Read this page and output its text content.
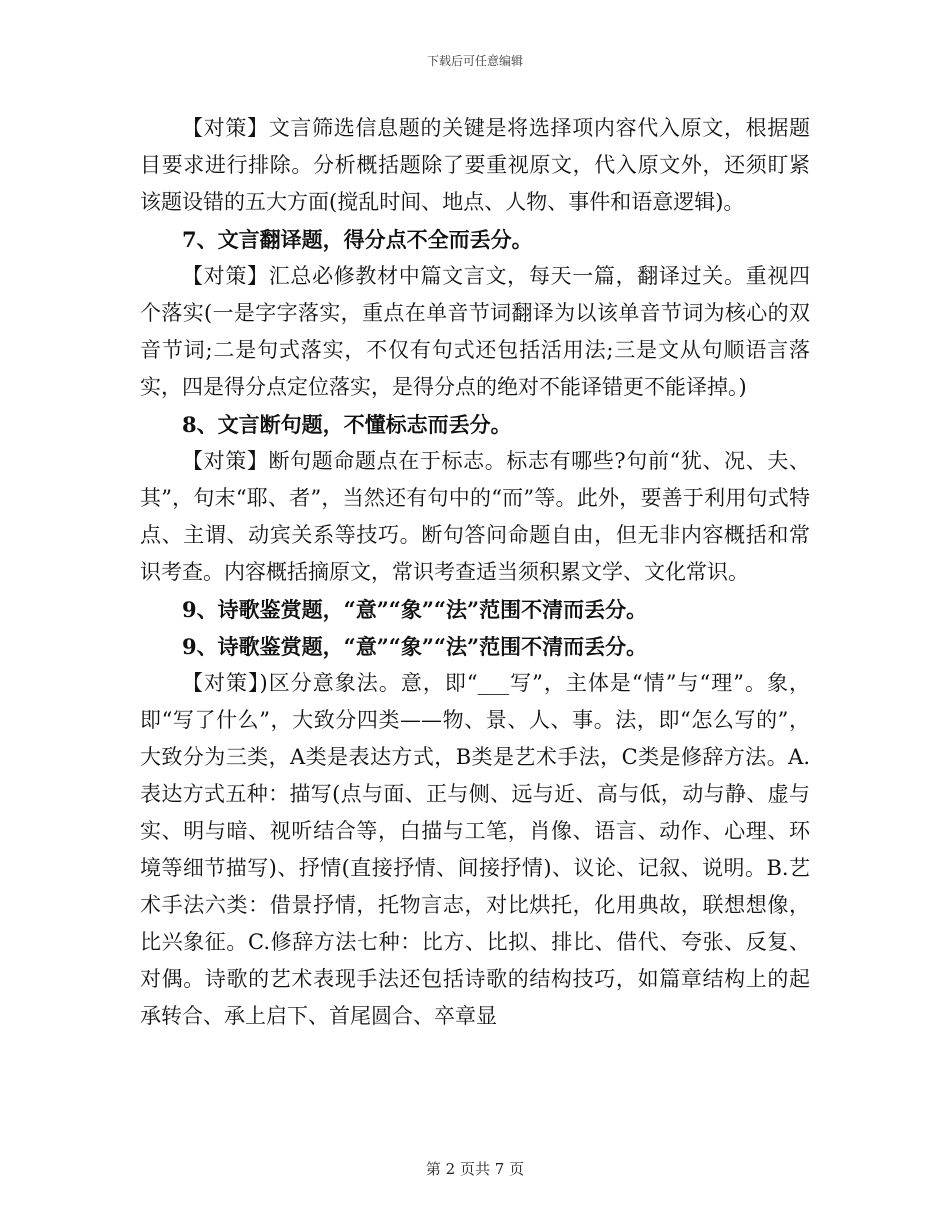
下载后可任意编辑

【对策】文言筛选信息题的关键是将选择项内容代入原文，根据题目要求进行排除。分析概括题除了要重视原文，代入原文外，还须盯紧该题设错的五大方面(搅乱时间、地点、人物、事件和语意逻辑)。

7、文言翻译题，得分点不全而丢分。

【对策】汇总必修教材中篇文言文，每天一篇，翻译过关。重视四个落实(一是字字落实，重点在单音节词翻译为以该单音节词为核心的双音节词;二是句式落实，不仅有句式还包括活用法;三是文从句顺语言落实，四是得分点定位落实，是得分点的绝对不能译错更不能译掉。)

8、文言断句题，不懂标志而丢分。

【对策】断句题命题点在于标志。标志有哪些?句前“犹、况、夫、其”，句末“耶、者”，当然还有句中的“而”等。此外，要善于利用句式特点、主谓、动宾关系等技巧。断句答问命题自由，但无非内容概括和常识考查。内容概括摘原文，常识考查适当须积累文学、文化常识。

9、诗歌鉴赏题，“意”“象”“法”范围不清而丢分。

9、诗歌鉴赏题，“意”“象”“法”范围不清而丢分。

【对策】)区分意象法。意，即“___写”，主体是“情”与“理”。象，即“写了什么”，大致分四类——物、景、人、事。法，即“怎么写的”，大致分为三类，A类是表达方式，B类是艺术手法，C类是修辞方法。A.表达方式五种：描写(点与面、正与侧、远与近、高与低，动与静、虚与实、明与暗、视听结合等，白描与工笔，肖像、语言、动作、心理、环境等细节描写)、抒情(直接抒情、间接抒情)、议论、记叙、说明。B.艺术手法六类：借景抒情，托物言志，对比烘托，化用典故，联想想像，比兴象征。C.修辞方法七种：比方、比拟、排比、借代、夸张、反复、对偶。诗歌的艺术表现手法还包括诗歌的结构技巧，如篇章结构上的起承转合、承上启下、首尾圆合、卒章显

第 2 页共 7 页
